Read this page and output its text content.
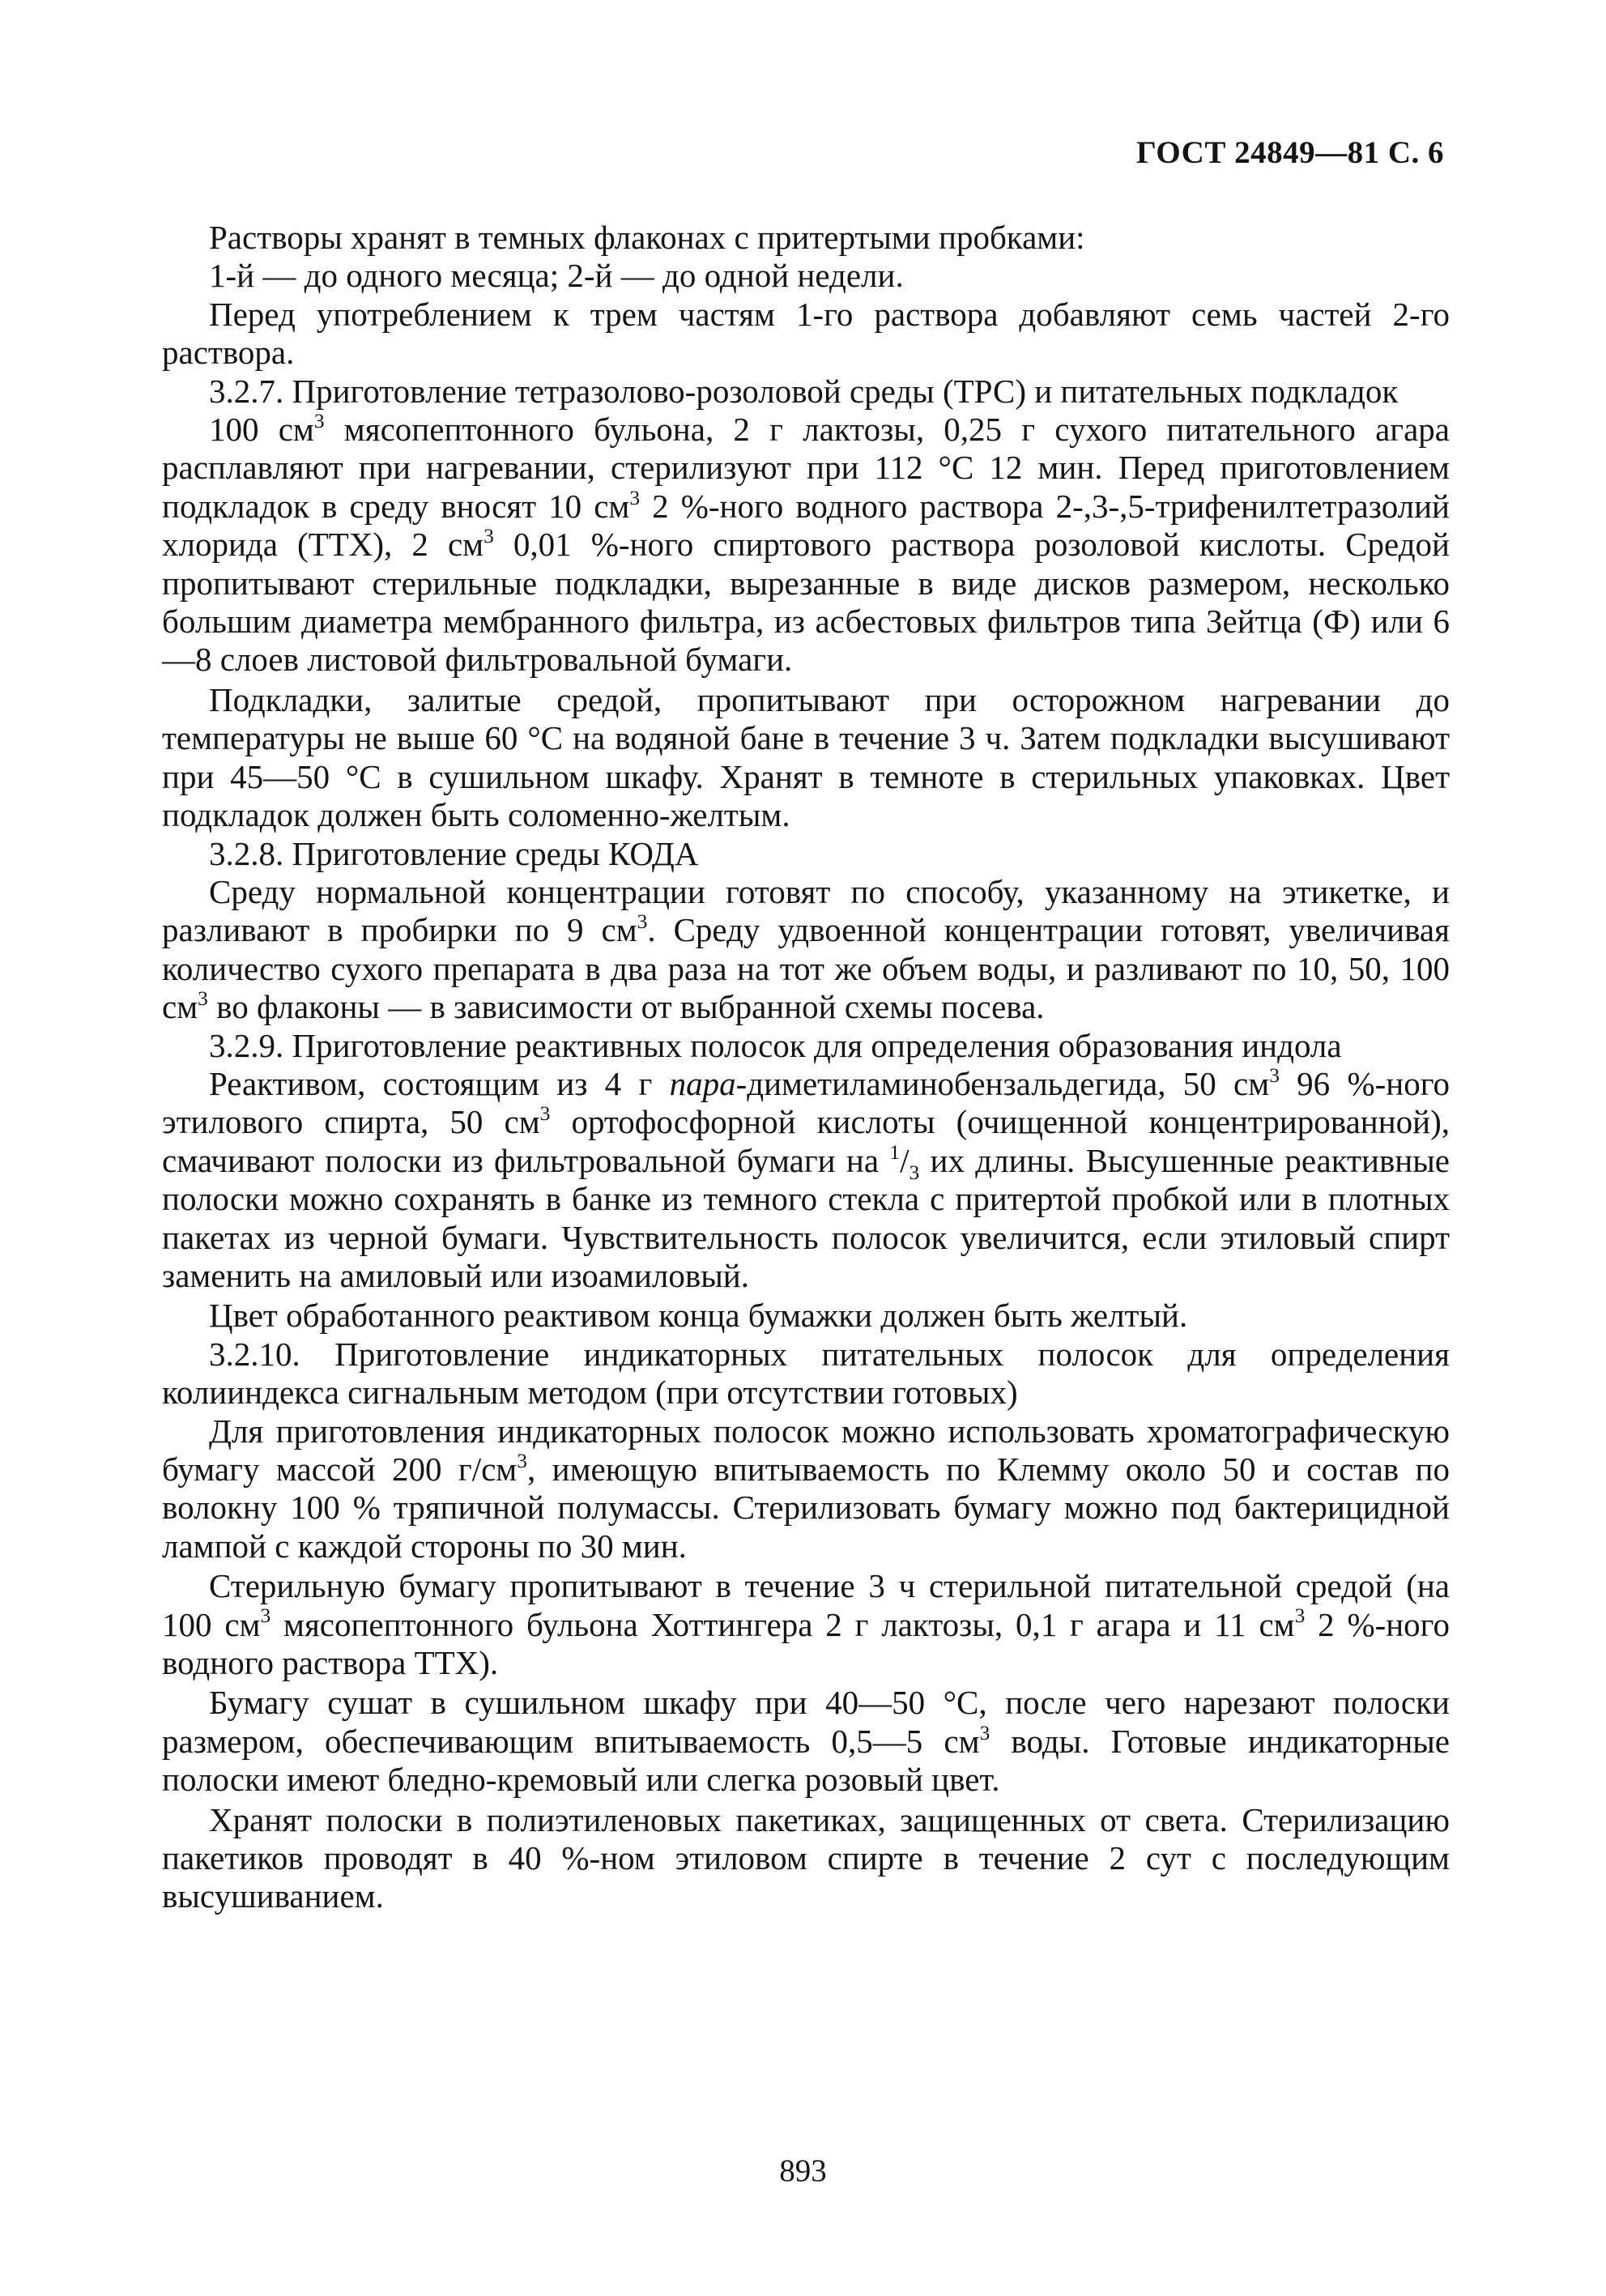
ГОСТ 24849—81 С. 6

Растворы хранят в темных флаконах с притертыми пробками:

1-й — до одного месяца; 2-й — до одной недели.

Перед употреблением к трем частям 1-го раствора добавляют семь частей 2-го раствора.

3.2.7. Приготовление тетразолово-розоловой среды (ТРС) и питательных подкладок

100 $см^3$ мясопептонного бульона, 2 г лактозы, 0,25 г сухого питательного агара расплавляют при нагревании, стерилизуют при 112 °С 12 мин. Перед приготовлением подкладок в среду вносят 10 $см^3$ 2 %-ного водного раствора 2-,3-,5-трифенилтетразолий хлорида (ТТХ), 2 $см^3$ 0,01 %-ного спиртового раствора розоловой кислоты. Средой пропитывают стерильные подкладки, вырезанные в виде дисков размером, несколько большим диаметра мембранного фильтра, из асбестовых фильтров типа Зейтца (Ф) или 6—8 слоев листовой фильтровальной бумаги.

Подкладки, залитые средой, пропитывают при осторожном нагревании до температуры не выше 60 °С на водяной бане в течение 3 ч. Затем подкладки высушивают при 45—50 °С в сушильном шкафу. Хранят в темноте в стерильных упаковках. Цвет подкладок должен быть соломенно-желтым.

3.2.8. Приготовление среды КОДА

Среду нормальной концентрации готовят по способу, указанному на этикетке, и разливают в пробирки по 9 $см^3$. Среду удвоенной концентрации готовят, увеличивая количество сухого препарата в два раза на тот же объем воды, и разливают по 10, 50, 100 $см^3$ во флаконы — в зависимости от выбранной схемы посева.

3.2.9. Приготовление реактивных полосок для определения образования индола

Реактивом, состоящим из 4 г пара-диметиламинобензальдегида, 50 $см^3$ 96 %-ного этилового спирта, 50 $см^3$ ортофосфорной кислоты (очищенной концентрированной), смачивают полоски из фильтровальной бумаги на $^1/_3$ их длины. Высушенные реактивные полоски можно сохранять в банке из темного стекла с притертой пробкой или в плотных пакетах из черной бумаги. Чувствительность полосок увеличится, если этиловый спирт заменить на амиловый или изоамиловый.

Цвет обработанного реактивом конца бумажки должен быть желтый.

3.2.10. Приготовление индикаторных питательных полосок для определения колииндекса сигнальным методом (при отсутствии готовых)

Для приготовления индикаторных полосок можно использовать хроматографическую бумагу массой 200 $г/см^3$, имеющую впитываемость по Клемму около 50 и состав по волокну 100 % тряпичной полумассы. Стерилизовать бумагу можно под бактерицидной лампой с каждой стороны по 30 мин.

Стерильную бумагу пропитывают в течение 3 ч стерильной питательной средой (на 100 $см^3$ мясопептонного бульона Хоттингера 2 г лактозы, 0,1 г агара и 11 $см^3$ 2 %-ного водного раствора ТТХ).

Бумагу сушат в сушильном шкафу при 40—50 °С, после чего нарезают полоски размером, обеспечивающим впитываемость 0,5—5 $см^3$ воды. Готовые индикаторные полоски имеют бледно-кремовый или слегка розовый цвет.

Хранят полоски в полиэтиленовых пакетиках, защищенных от света. Стерилизацию пакетиков проводят в 40 %-ном этиловом спирте в течение 2 сут с последующим высушиванием.

893
